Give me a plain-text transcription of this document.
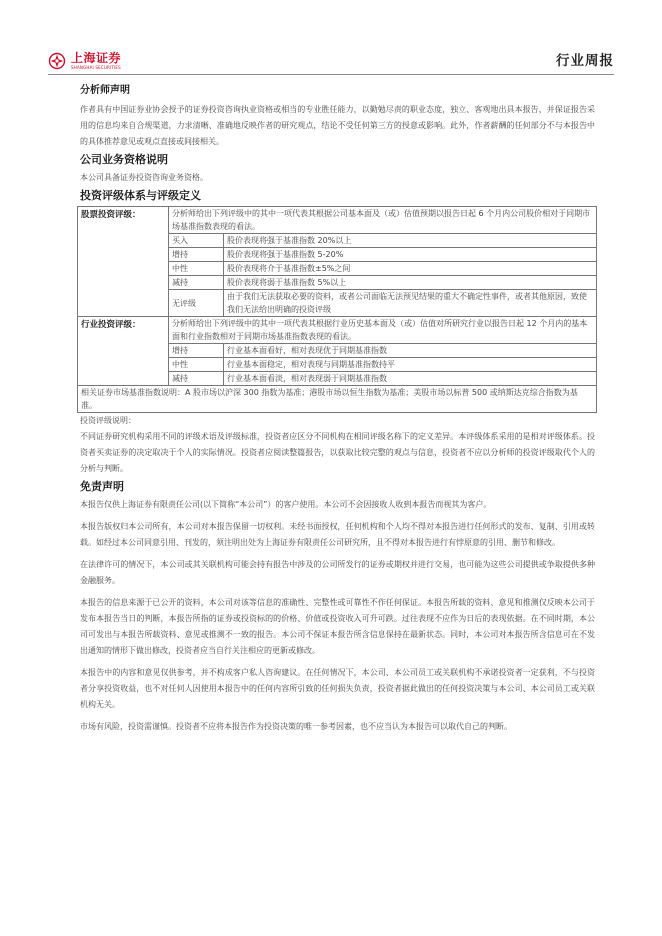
上海证券
SHANGHAI SECURITIES	行业周报
分析师声明
作者具有中国证券业协会授予的证券投资咨询执业资格或相当的专业胜任能力，以勤勉尽责的职业态度，独立、客观地出具本报告，并保证报告采用的信息均来自合规渠道，力求清晰、准确地反映作者的研究观点，结论不受任何第三方的授意或影响。此外，作者薪酬的任何部分不与本报告中的具体推荐意见或观点直接或间接相关。
公司业务资格说明
本公司具备证券投资咨询业务资格。
投资评级体系与评级定义
股票投资评级：	分析师给出下列评级中的其中一项代表其根据公司基本面及（或）估值预期以报告日起 6 个月内公司股价相对于同期市场基准指数表现的看法。	
	买入	股价表现将强于基准指数 20%以上
	增持	股价表现将强于基准指数 5-20%
	中性	股价表现将介于基准指数±5%之间
	减持	股价表现将弱于基准指数 5%以上
	无评级	由于我们无法获取必要的资料，或者公司面临无法预见结果的重大不确定性事件，或者其他原因，致使我们无法给出明确的投资评级
行业投资评级：	分析师给出下列评级中的其中一项代表其根据行业历史基本面及（或）估值对所研究行业以报告日起 12 个月内的基本面和行业指数相对于同期市场基准指数表现的看法。	
	增持	行业基本面看好，相对表现优于同期基准指数
	中性	行业基本面稳定，相对表现与同期基准指数持平
	减持	行业基本面看淡，相对表现弱于同期基准指数
相关证券市场基准指数说明：A 股市场以沪深 300 指数为基准；港股市场以恒生指数为基准；美股市场以标普 500 或纳斯达克综合指数为基准。		
投资评级说明：
不同证券研究机构采用不同的评级术语及评级标准，投资者应区分不同机构在相同评级名称下的定义差异。本评级体系采用的是相对评级体系。投资者买卖证券的决定取决于个人的实际情况。投资者应阅读整篇报告，以获取比较完整的观点与信息，投资者不应以分析师的投资评级取代个人的分析与判断。
免责声明
本报告仅供上海证券有限责任公司(以下简称“本公司”）的客户使用。本公司不会因接收人收到本报告而视其为客户。
本报告版权归本公司所有，本公司对本报告保留一切权利。未经书面授权，任何机构和个人均不得对本报告进行任何形式的发布、复制、引用或转载。如经过本公司同意引用、刊发的，须注明出处为上海证券有限责任公司研究所，且不得对本报告进行有悖原意的引用、删节和修改。
在法律许可的情况下，本公司或其关联机构可能会持有报告中涉及的公司所发行的证券或期权并进行交易，也可能为这些公司提供或争取提供多种金融服务。
本报告的信息来源于已公开的资料，本公司对该等信息的准确性、完整性或可靠性不作任何保证。本报告所载的资料、意见和推测仅反映本公司于发布本报告当日的判断，本报告所指的证券或投资标的的价格、价值或投资收入可升可跌。过往表现不应作为日后的表现依据。在不同时期，本公司可发出与本报告所载资料、意见或推测不一致的报告。本公司不保证本报告所含信息保持在最新状态。同时，本公司对本报告所含信息可在不发出通知的情形下做出修改，投资者应当自行关注相应的更新或修改。
本报告中的内容和意见仅供参考，并不构成客户私人咨询建议。在任何情况下，本公司、本公司员工或关联机构不承诺投资者一定获利，不与投资者分享投资收益，也不对任何人因使用本报告中的任何内容所引致的任何损失负责，投资者据此做出的任何投资决策与本公司、本公司员工或关联机构无关。
市场有风险，投资需谨慎。投资者不应将本报告作为投资决策的唯一参考因素，也不应当认为本报告可以取代自己的判断。
